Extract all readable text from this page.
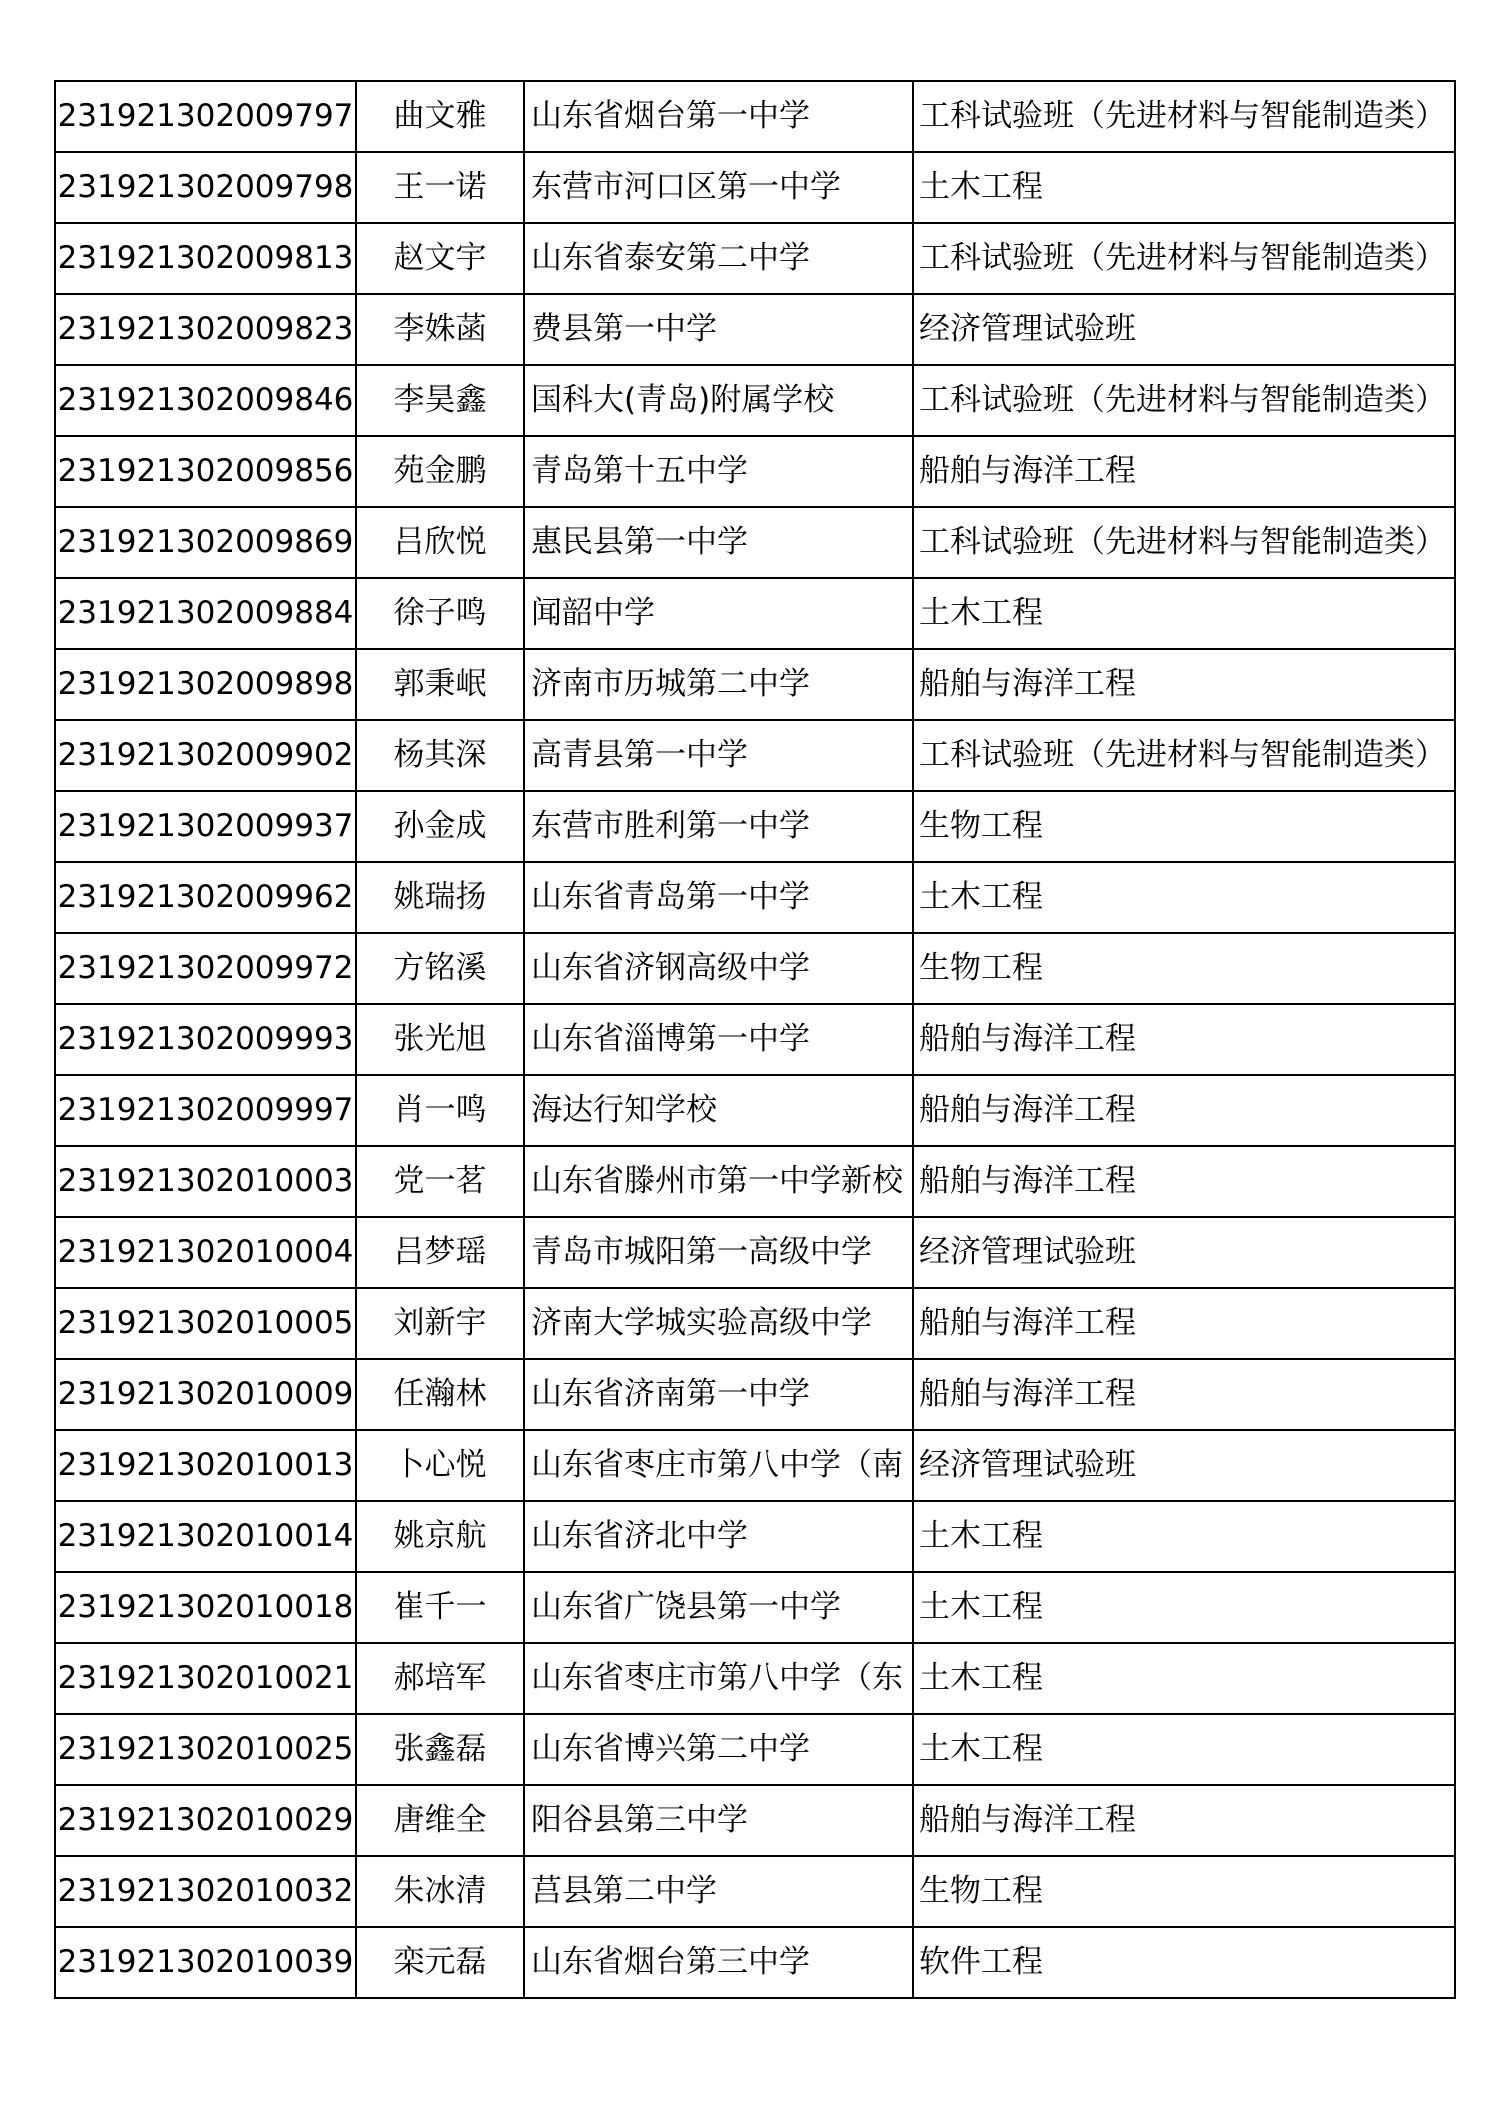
231921302009797	曲文雅	山东省烟台第一中学	工科试验班（先进材料与智能制造类）
231921302009798	王一诺	东营市河口区第一中学	土木工程
231921302009813	赵文宇	山东省泰安第二中学	工科试验班（先进材料与智能制造类）
231921302009823	李姝菡	费县第一中学	经济管理试验班
231921302009846	李昊鑫	国科大(青岛)附属学校	工科试验班（先进材料与智能制造类）
231921302009856	苑金鹏	青岛第十五中学	船舶与海洋工程
231921302009869	吕欣悦	惠民县第一中学	工科试验班（先进材料与智能制造类）
231921302009884	徐子鸣	闻韶中学	土木工程
231921302009898	郭秉岷	济南市历城第二中学	船舶与海洋工程
231921302009902	杨其深	高青县第一中学	工科试验班（先进材料与智能制造类）
231921302009937	孙金成	东营市胜利第一中学	生物工程
231921302009962	姚瑞扬	山东省青岛第一中学	土木工程
231921302009972	方铭溪	山东省济钢高级中学	生物工程
231921302009993	张光旭	山东省淄博第一中学	船舶与海洋工程
231921302009997	肖一鸣	海达行知学校	船舶与海洋工程
231921302010003	党一茗	山东省滕州市第一中学新校	船舶与海洋工程
231921302010004	吕梦瑶	青岛市城阳第一高级中学	经济管理试验班
231921302010005	刘新宇	济南大学城实验高级中学	船舶与海洋工程
231921302010009	任瀚林	山东省济南第一中学	船舶与海洋工程
231921302010013	卜心悦	山东省枣庄市第八中学（南	经济管理试验班
231921302010014	姚京航	山东省济北中学	土木工程
231921302010018	崔千一	山东省广饶县第一中学	土木工程
231921302010021	郝培军	山东省枣庄市第八中学（东	土木工程
231921302010025	张鑫磊	山东省博兴第二中学	土木工程
231921302010029	唐维全	阳谷县第三中学	船舶与海洋工程
231921302010032	朱冰清	莒县第二中学	生物工程
231921302010039	栾元磊	山东省烟台第三中学	软件工程
